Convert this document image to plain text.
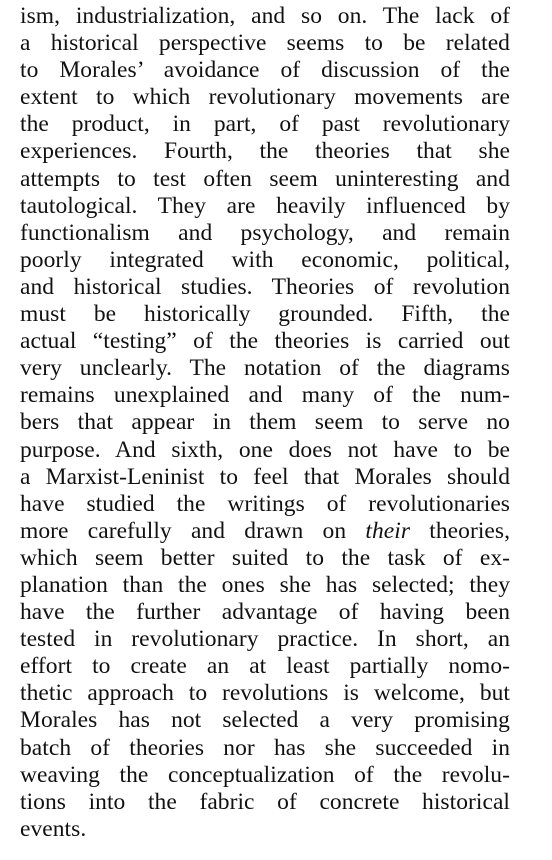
ism, industrialization, and so on. The lack of
a historical perspective seems to be related
to Morales’ avoidance of discussion of the
extent to which revolutionary movements are
the product, in part, of past revolutionary
experiences. Fourth, the theories that she
attempts to test often seem uninteresting and
tautological. They are heavily influenced by
functionalism and psychology, and remain
poorly integrated with economic, political,
and historical studies. Theories of revolution
must be historically grounded. Fifth, the
actual “testing” of the theories is carried out
very unclearly. The notation of the diagrams
remains unexplained and many of the num-
bers that appear in them seem to serve no
purpose. And sixth, one does not have to be
a Marxist-Leninist to feel that Morales should
have studied the writings of revolutionaries
more carefully and drawn on their theories,
which seem better suited to the task of ex-
planation than the ones she has selected; they
have the further advantage of having been
tested in revolutionary practice. In short, an
effort to create an at least partially nomo-
thetic approach to revolutions is welcome, but
Morales has not selected a very promising
batch of theories nor has she succeeded in
weaving the conceptualization of the revolu-
tions into the fabric of concrete historical
events.
